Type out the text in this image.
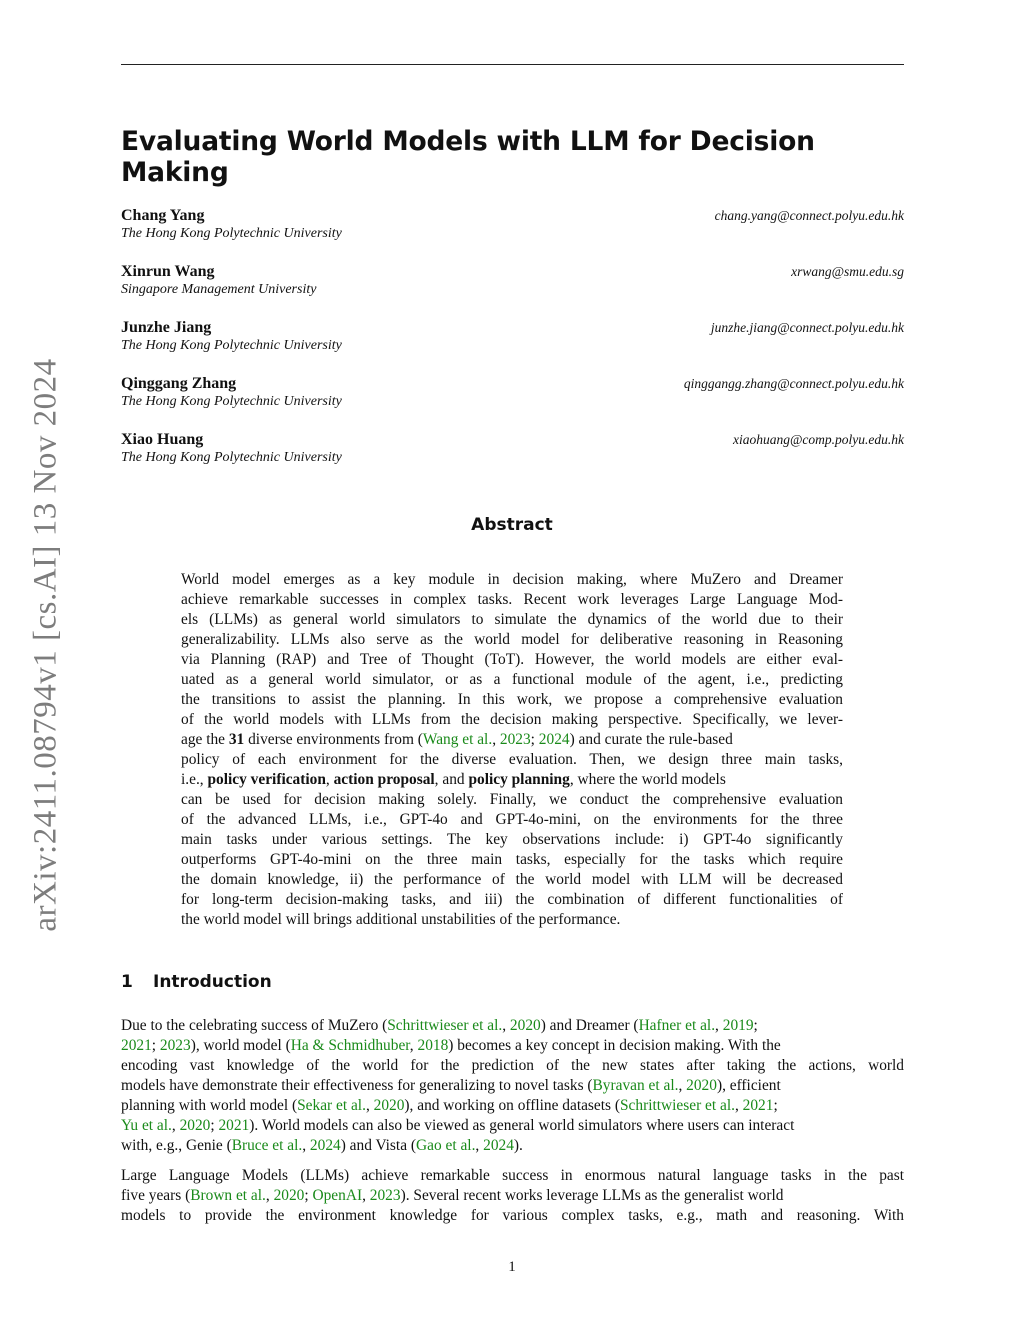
arXiv:2411.08794v1 [cs.AI] 13 Nov 2024
Evaluating World Models with LLM for Decision Making
Chang Yang	chang.yang@connect.polyu.edu.hk
The Hong Kong Polytechnic University
Xinrun Wang	xrwang@smu.edu.sg
Singapore Management University
Junzhe Jiang	junzhe.jiang@connect.polyu.edu.hk
The Hong Kong Polytechnic University
Qinggang Zhang	qinggangg.zhang@connect.polyu.edu.hk
The Hong Kong Polytechnic University
Xiao Huang	xiaohuang@comp.polyu.edu.hk
The Hong Kong Polytechnic University
Abstract
World model emerges as a key module in decision making, where MuZero and Dreamer
achieve remarkable successes in complex tasks. Recent work leverages Large Language Mod-
els (LLMs) as general world simulators to simulate the dynamics of the world due to their
generalizability. LLMs also serve as the world model for deliberative reasoning in Reasoning
via Planning (RAP) and Tree of Thought (ToT). However, the world models are either eval-
uated as a general world simulator, or as a functional module of the agent, i.e., predicting
the transitions to assist the planning. In this work, we propose a comprehensive evaluation
of the world models with LLMs from the decision making perspective. Specifically, we lever-
age the 31 diverse environments from (Wang et al., 2023; 2024) and curate the rule-based
policy of each environment for the diverse evaluation. Then, we design three main tasks,
i.e., policy verification, action proposal, and policy planning, where the world models
can be used for decision making solely. Finally, we conduct the comprehensive evaluation
of the advanced LLMs, i.e., GPT-4o and GPT-4o-mini, on the environments for the three
main tasks under various settings. The key observations include: i) GPT-4o significantly
outperforms GPT-4o-mini on the three main tasks, especially for the tasks which require
the domain knowledge, ii) the performance of the world model with LLM will be decreased
for long-term decision-making tasks, and iii) the combination of different functionalities of
the world model will brings additional unstabilities of the performance.
1 Introduction
Due to the celebrating success of MuZero (Schrittwieser et al., 2020) and Dreamer (Hafner et al., 2019;
2021; 2023), world model (Ha & Schmidhuber, 2018) becomes a key concept in decision making. With the
encoding vast knowledge of the world for the prediction of the new states after taking the actions, world
models have demonstrate their effectiveness for generalizing to novel tasks (Byravan et al., 2020), efficient
planning with world model (Sekar et al., 2020), and working on offline datasets (Schrittwieser et al., 2021;
Yu et al., 2020; 2021). World models can also be viewed as general world simulators where users can interact
with, e.g., Genie (Bruce et al., 2024) and Vista (Gao et al., 2024).
Large Language Models (LLMs) achieve remarkable success in enormous natural language tasks in the past
five years (Brown et al., 2020; OpenAI, 2023). Several recent works leverage LLMs as the generalist world
models to provide the environment knowledge for various complex tasks, e.g., math and reasoning. With
1
